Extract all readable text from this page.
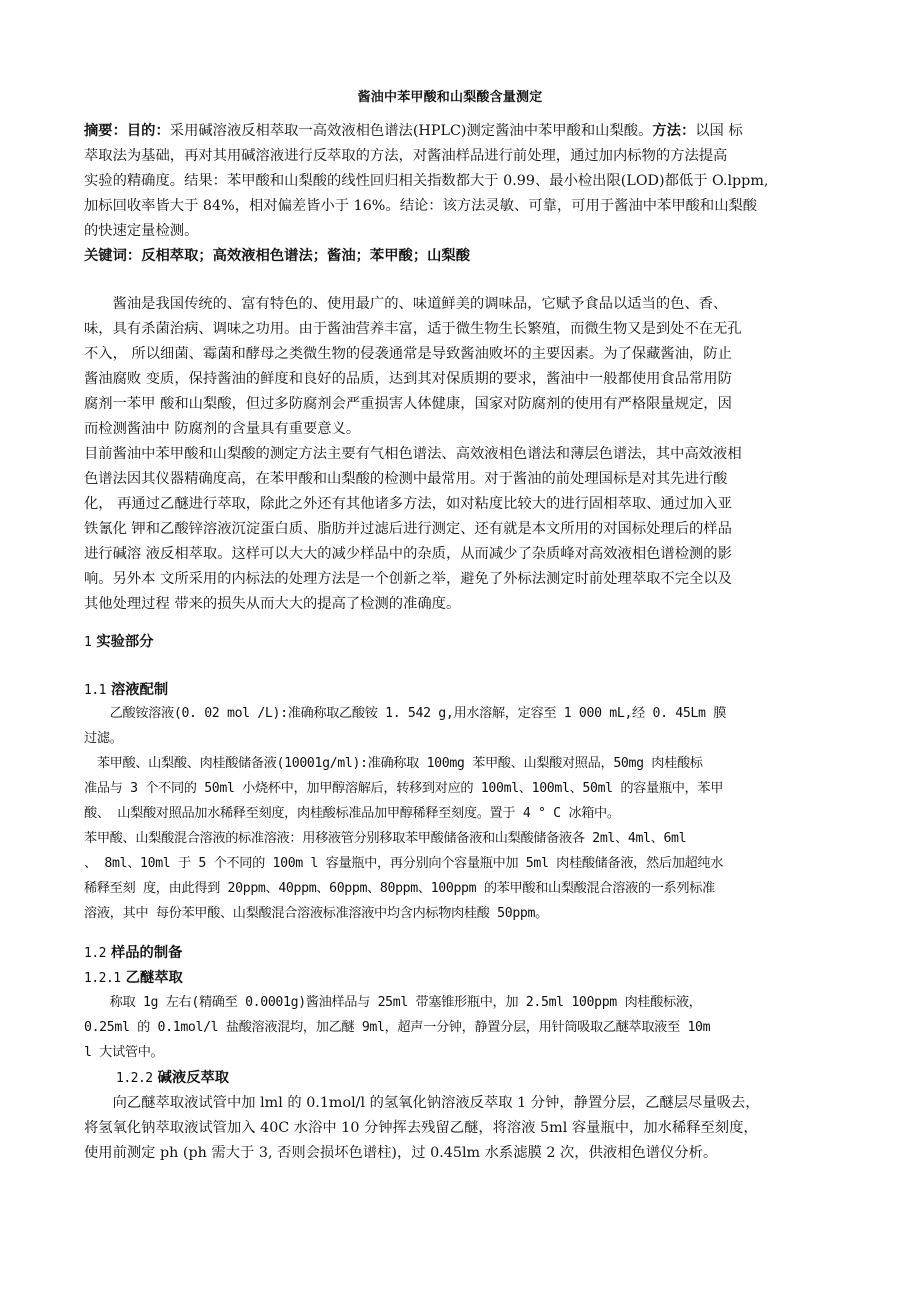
酱油中苯甲酸和山梨酸含量测定
摘要：目的：采用碱溶液反相萃取一高效液相色谱法(HPLC)测定酱油中苯甲酸和山梨酸。方法：以国 标
萃取法为基础，再对其用碱溶液进行反萃取的方法，对酱油样品进行前处理，通过加内标物的方法提高
实验的精确度。结果：苯甲酸和山梨酸的线性回归相关指数都大于 0.99、最小检出限(LOD)都低于 O.lppm,
加标回收率皆大于 84%，相对偏差皆小于 16%。结论：该方法灵敏、可靠，可用于酱油中苯甲酸和山梨酸
的快速定量检测。
关键词：反相萃取；高效液相色谱法；酱油；苯甲酸；山梨酸
　　酱油是我国传统的、富有特色的、使用最广的、味道鲜美的调味品，它赋予食品以适当的色、香、
味，具有杀菌治病、调味之功用。由于酱油营养丰富，适于微生物生长繁殖，而微生物又是到处不在无孔
不入， 所以细菌、霉菌和酵母之类微生物的侵袭通常是导致酱油败坏的主要因素。为了保藏酱油，防止
酱油腐败 变质，保持酱油的鲜度和良好的品质，达到其对保质期的要求，酱油中一般都使用食品常用防
腐剂一苯甲 酸和山梨酸，但过多防腐剂会严重损害人体健康，国家对防腐剂的使用有严格限量规定，因
而检测酱油中 防腐剂的含量具有重要意义。
目前酱油中苯甲酸和山梨酸的测定方法主要有气相色谱法、高效液相色谱法和薄层色谱法，其中高效液相
色谱法因其仪器精确度高，在苯甲酸和山梨酸的检测中最常用。对于酱油的前处理国标是对其先进行酸
化， 再通过乙醚进行萃取，除此之外还有其他诸多方法，如对粘度比较大的进行固相萃取、通过加入亚
铁氰化 钾和乙酸锌溶液沉淀蛋白质、脂肪并过滤后进行测定、还有就是本文所用的对国标处理后的样品
进行碱溶 液反相萃取。这样可以大大的减少样品中的杂质，从而减少了杂质峰对高效液相色谱检测的影
响。另外本 文所采用的内标法的处理方法是一个创新之举，避免了外标法测定时前处理萃取不完全以及
其他处理过程 带来的损失从而大大的提高了检测的准确度。
1 实验部分
1.1 溶液配制
　　乙酸铵溶液(0. 02 mol /L):准确称取乙酸铵 1. 542 g,用水溶解，定容至 1 000 mL,经 0. 45Lm 膜
过滤。
　苯甲酸、山梨酸、肉桂酸储备液(10001g/ml):准确称取 100mg 苯甲酸、山梨酸对照品，50mg 肉桂酸标
准品与 3 个不同的 50ml 小烧杯中，加甲醇溶解后，转移到对应的 100ml、100ml、50ml 的容量瓶中，苯甲
酸、 山梨酸对照品加水稀释至刻度，肉桂酸标准品加甲醇稀释至刻度。置于 4 ° C 冰箱中。
苯甲酸、山梨酸混合溶液的标准溶液：用移液管分别移取苯甲酸储备液和山梨酸储备液各 2ml、4ml、6ml
、 8ml、10ml 于 5 个不同的 100m l 容量瓶中，再分别向个容量瓶中加 5ml 肉桂酸储备液，然后加超纯水
稀释至刻 度，由此得到 20ppm、40ppm、60ppm、80ppm、100ppm 的苯甲酸和山梨酸混合溶液的一系列标准
溶液，其中 每份苯甲酸、山梨酸混合溶液标准溶液中均含内标物肉桂酸 50ppm。
1.2 样品的制备
1.2.1 乙醚萃取
　　称取 1g 左右(精确至 0.0001g)酱油样品与 25ml 带塞锥形瓶中，加 2.5ml 100ppm 肉桂酸标液，
0.25ml 的 0.1mol/l 盐酸溶液混均，加乙醚 9ml，超声一分钟，静置分层，用针筒吸取乙醚萃取液至 10m
l 大试管中。
1.2.2 碱液反萃取
　　向乙醚萃取液试管中加 lml 的 0.1mol/l 的氢氧化钠溶液反萃取 1 分钟，静置分层，乙醚层尽量吸去，
将氢氧化钠萃取液试管加入 40C 水浴中 10 分钟挥去残留乙醚，将溶液 5ml 容量瓶中，加水稀释至刻度，
使用前测定 ph (ph 需大于 3, 否则会损坏色谱柱)，过 0.45lm 水系滤膜 2 次，供液相色谱仪分析。
